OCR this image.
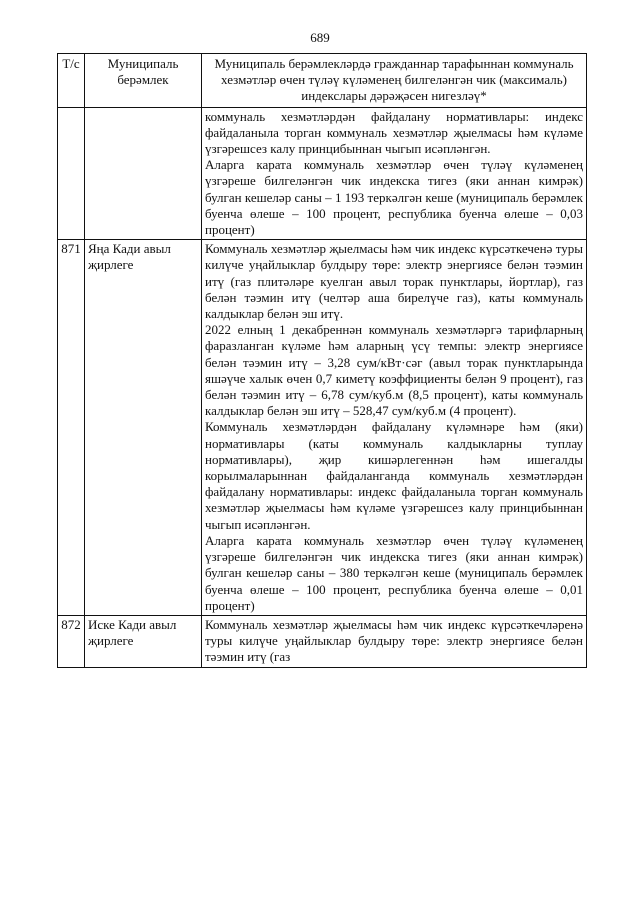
689
Т/с	Муниципаль берәмлек	Муниципаль берәмлекләрдә гражданнар тарафыннан коммуналь хезмәтләр өчен түләү күләменең билгеләнгән чик (максималь) индекслары дәрәҗәсен нигезләү*

		коммуналь хезмәтләрдән файдалану нормативлары: индекс файдаланыла торган коммуналь хезмәтләр җыелмасы һәм күләме үзгәрешсез калу принцибыннан чыгып исәпләнгән.

Аларга карата коммуналь хезмәтләр өчен түләү күләменең үзгәреше билгеләнгән чик индекска тигез (яки аннан кимрәк) булган кешеләр саны – 1 193 теркәлгән кеше (муниципаль берәмлек буенча өлеше – 100 процент, республика буенча өлеше – 0,03 процент)

871	Яңа Кади авыл җирлеге	Коммуналь хезмәтләр җыелмасы һәм чик индекс күрсәткеченә туры килүче уңайлыклар булдыру төре: электр энергиясе белән тәэмин итү (газ плитәләре куелган авыл торак пунктлары, йортлар), газ белән тәэмин итү (челтәр аша бирелүче газ), каты коммуналь калдыклар белән эш итү.

2022 елның 1 декабреннән коммуналь хезмәтләргә тарифларның фаразланган күләме һәм аларның үсү темпы: электр энергиясе белән тәэмин итү – 3,28 сум/кВт·сәг (авыл торак пунктларында яшәүче халык өчен 0,7 киметү коэффициенты белән 9 процент), газ белән тәэмин итү – 6,78 сум/куб.м (8,5 процент), каты коммуналь калдыклар белән эш итү – 528,47 сум/куб.м (4 процент).

Коммуналь хезмәтләрдән файдалану күләмнәре һәм (яки) нормативлары (каты коммуналь калдыкларны туплау нормативлары), җир кишәрлегеннән һәм ишегалды корылмаларыннан файдаланганда коммуналь хезмәтләрдән файдалану нормативлары: индекс файдаланыла торган коммуналь хезмәтләр җыелмасы һәм күләме үзгәрешсез калу принцибыннан чыгып исәпләнгән.

Аларга карата коммуналь хезмәтләр өчен түләү күләменең үзгәреше билгеләнгән чик индекска тигез (яки аннан кимрәк) булган кешеләр саны – 380 теркәлгән кеше (муниципаль берәмлек буенча өлеше – 100 процент, республика буенча өлеше – 0,01 процент)

872	Иске Кади авыл җирлеге	Коммуналь хезмәтләр җыелмасы һәм чик индекс күрсәткечләренә туры килүче уңайлыклар булдыру төре: электр энергиясе белән тәэмин итү (газ
